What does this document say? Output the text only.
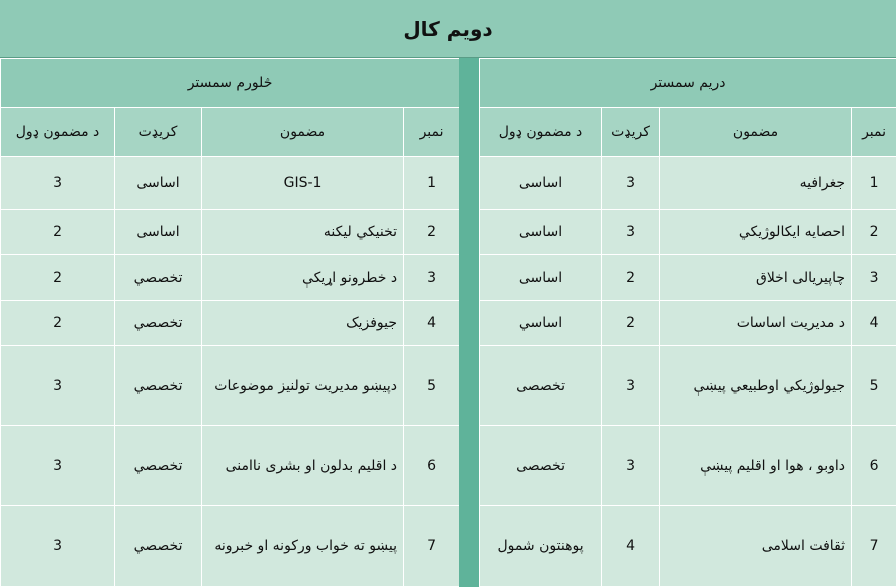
دویم کال
څلورم سمستر			
نمبر	مضمون	کریډت	د مضمون ډول
1	GIS-1	اساسی	3
2	تخنيکي ليکنه	اساسی	2
3	د خطرونو اړيکې	تخصصي	2
4	جيوفزيک	تخصصي	2
5	دپيښو مديريت تولنيز موضوعات	تخصصي	3
6	د اقليم بدلون او بشری ناامنی	تخصصي	3
7	پيښو ته خواب ورکونه او خبرونه	تخصصي	3
دريم سمستر			
نمبر	مضمون	کریډت	د مضمون ډول
1	جغرافيه	3	اساسی
2	احصايه ايکالوژيکي	3	اساسی
3	چاپيريالی اخلاق	2	اساسی
4	د مديريت اساسات	2	اساسي
5	جيولوژيکي اوطبيعي پيښې	3	تخصصی
6	داوبو ، هوا او اقليم پيښې	3	تخصصی
7	ثقافت اسلامی	4	پوهنتون شمول
